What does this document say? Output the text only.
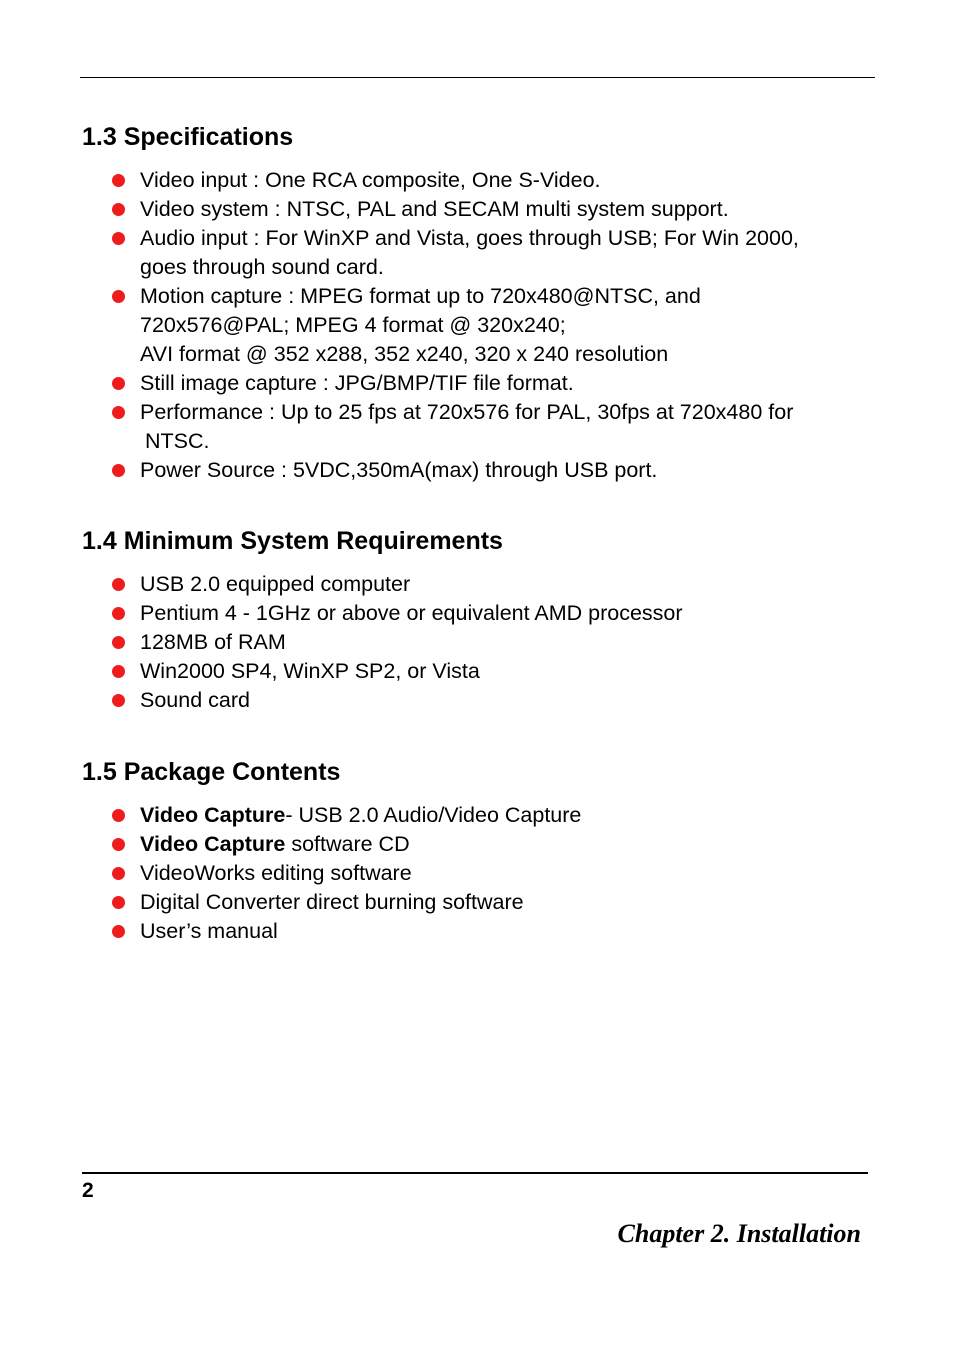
1.3 Specifications
Video input : One RCA composite, One S-Video.
Video system : NTSC, PAL and SECAM multi system support.
Audio input : For WinXP and Vista, goes through USB; For Win 2000,
goes through sound card.
Motion capture : MPEG format up to 720x480@NTSC, and
720x576@PAL; MPEG 4 format @ 320x240;
AVI format @ 352 x288, 352 x240, 320 x 240 resolution
Still image capture : JPG/BMP/TIF file format.
Performance : Up to 25 fps at 720x576 for PAL, 30fps at 720x480 for
NTSC.
Power Source : 5VDC,350mA(max) through USB port.
1.4 Minimum System Requirements
USB 2.0 equipped computer
Pentium 4 - 1GHz or above or equivalent AMD processor
128MB of RAM
Win2000 SP4, WinXP SP2, or Vista
Sound card
1.5 Package Contents
Video Capture- USB 2.0 Audio/Video Capture
Video Capture software CD
VideoWorks editing software
Digital Converter direct burning software
User’s manual
2
Chapter 2. Installation
